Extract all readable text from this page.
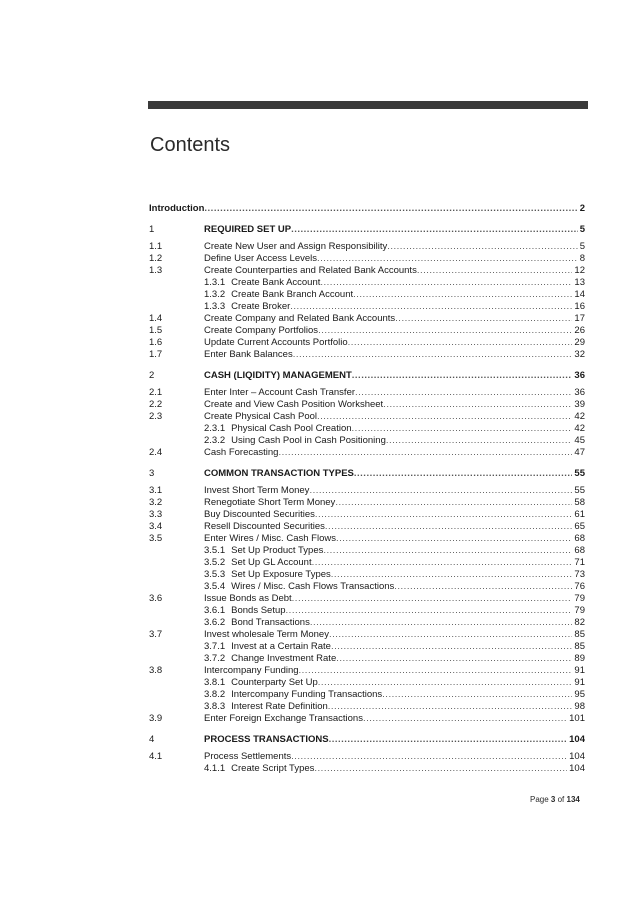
Contents
Introduction .....	2
1	REQUIRED SET UP .....	5
1.1	Create New User and Assign Responsibility .....	5
1.2	Define User Access Levels .....	8
1.3	Create Counterparties and Related Bank Accounts .....	12
1.3.1 Create Bank Account .....	13
1.3.2 Create Bank Branch Account .....	14
1.3.3 Create Broker .....	16
1.4	Create Company and Related Bank Accounts .....	17
1.5	Create Company Portfolios .....	26
1.6	Update Current Accounts Portfolio .....	29
1.7	Enter Bank Balances .....	32
2	CASH (LIQIDITY) MANAGEMENT .....	36
2.1	Enter Inter – Account Cash Transfer .....	36
2.2	Create and View Cash Position Worksheet .....	39
2.3	Create Physical Cash Pool .....	42
2.3.1 Physical Cash Pool Creation .....	42
2.3.2 Using Cash Pool in Cash Positioning .....	45
2.4	Cash Forecasting .....	47
3	COMMON TRANSACTION TYPES .....	55
3.1	Invest Short Term Money .....	55
3.2	Renegotiate Short Term Money .....	58
3.3	Buy Discounted Securities .....	61
3.4	Resell Discounted Securities .....	65
3.5	Enter Wires / Misc. Cash Flows .....	68
3.5.1 Set Up Product Types .....	68
3.5.2 Set Up GL Account .....	71
3.5.3 Set Up Exposure Types .....	73
3.5.4 Wires / Misc. Cash Flows Transactions .....	76
3.6	Issue Bonds as Debt .....	79
3.6.1 Bonds Setup .....	79
3.6.2 Bond Transactions .....	82
3.7	Invest wholesale Term Money .....	85
3.7.1 Invest at a Certain Rate .....	85
3.7.2 Change Investment Rate .....	89
3.8	Intercompany Funding .....	91
3.8.1 Counterparty Set Up .....	91
3.8.2 Intercompany Funding Transactions .....	95
3.8.3 Interest Rate Definition .....	98
3.9	Enter Foreign Exchange Transactions .....	101
4	PROCESS TRANSACTIONS .....	104
4.1	Process Settlements .....	104
4.1.1 Create Script Types .....	104
Page 3 of 134
